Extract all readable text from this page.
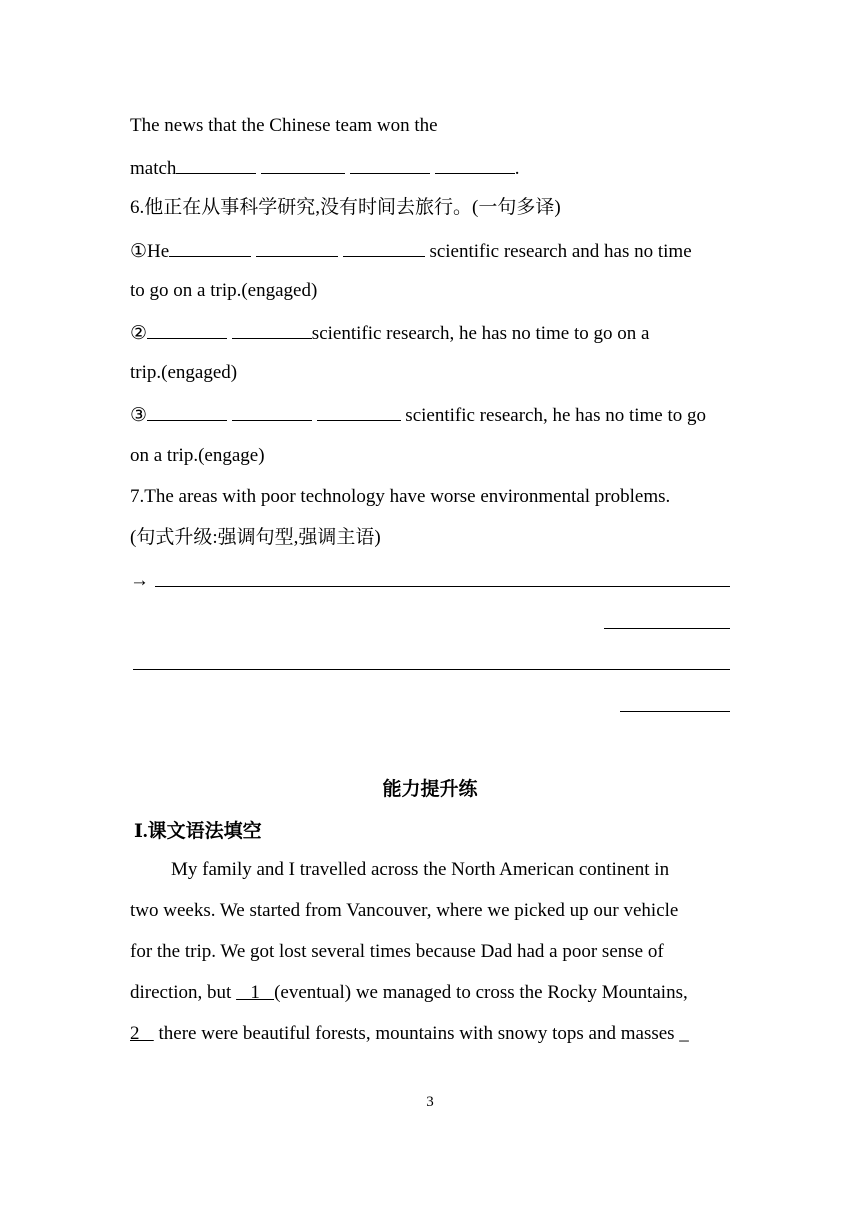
The news that the Chinese team won the
match	.
6.他正在从事科学研究,没有时间去旅行。(一句多译)
①He	scientific research and has no time
to go on a trip.(engaged)
②	scientific research, he has no time to go on a
trip.(engaged)
③	scientific research, he has no time to go
on a trip.(engage)
7.The areas with poor technology have worse environmental problems.
(句式升级:强调句型,强调主语)
→
能力提升练
Ⅰ.课文语法填空
My family and I travelled across the North American continent in
two weeks. We started from Vancouver, where we picked up our vehicle
for the trip. We got lost several times because Dad had a poor sense of
direction, but    1   (eventual) we managed to cross the Rocky Mountains,
2    there were beautiful forests, mountains with snowy tops and masses _
3
